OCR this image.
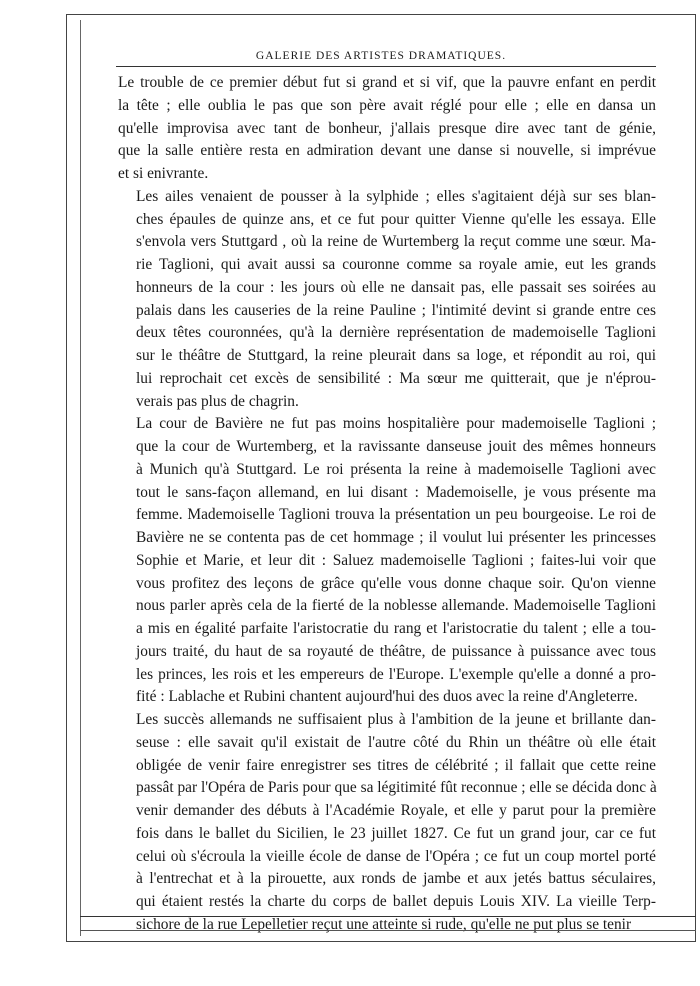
GALERIE DES ARTISTES DRAMATIQUES.

Le trouble de ce premier début fut si grand et si vif, que la pauvre enfant en perdit
la tête ; elle oublia le pas que son père avait réglé pour elle ; elle en dansa un
qu'elle improvisa avec tant de bonheur, j'allais presque dire avec tant de génie,
que la salle entière resta en admiration devant une danse si nouvelle, si imprévue
et si enivrante.

Les ailes venaient de pousser à la sylphide ; elles s'agitaient déjà sur ses blan-
ches épaules de quinze ans, et ce fut pour quitter Vienne qu'elle les essaya. Elle
s'envola vers Stuttgard , où la reine de Wurtemberg la reçut comme une sœur. Ma-
rie Taglioni, qui avait aussi sa couronne comme sa royale amie, eut les grands
honneurs de la cour : les jours où elle ne dansait pas, elle passait ses soirées au
palais dans les causeries de la reine Pauline ; l'intimité devint si grande entre ces
deux têtes couronnées, qu'à la dernière représentation de mademoiselle Taglioni
sur le théâtre de Stuttgard, la reine pleurait dans sa loge, et répondit au roi, qui
lui reprochait cet excès de sensibilité : Ma sœur me quitterait, que je n'éprou-
verais pas plus de chagrin.

La cour de Bavière ne fut pas moins hospitalière pour mademoiselle Taglioni ;
que la cour de Wurtemberg, et la ravissante danseuse jouit des mêmes honneurs
à Munich qu'à Stuttgard. Le roi présenta la reine à mademoiselle Taglioni avec
tout le sans-façon allemand, en lui disant : Mademoiselle, je vous présente ma
femme. Mademoiselle Taglioni trouva la présentation un peu bourgeoise. Le roi de
Bavière ne se contenta pas de cet hommage ; il voulut lui présenter les princesses
Sophie et Marie, et leur dit : Saluez mademoiselle Taglioni ; faites-lui voir que
vous profitez des leçons de grâce qu'elle vous donne chaque soir. Qu'on vienne
nous parler après cela de la fierté de la noblesse allemande. Mademoiselle Taglioni
a mis en égalité parfaite l'aristocratie du rang et l'aristocratie du talent ; elle a tou-
jours traité, du haut de sa royauté de théâtre, de puissance à puissance avec tous
les princes, les rois et les empereurs de l'Europe. L'exemple qu'elle a donné a pro-
fité : Lablache et Rubini chantent aujourd'hui des duos avec la reine d'Angleterre.

Les succès allemands ne suffisaient plus à l'ambition de la jeune et brillante dan-
seuse : elle savait qu'il existait de l'autre côté du Rhin un théâtre où elle était
obligée de venir faire enregistrer ses titres de célébrité ; il fallait que cette reine
passât par l'Opéra de Paris pour que sa légitimité fût reconnue ; elle se décida donc à
venir demander des débuts à l'Académie Royale, et elle y parut pour la première
fois dans le ballet du Sicilien, le 23 juillet 1827. Ce fut un grand jour, car ce fut
celui où s'écroula la vieille école de danse de l'Opéra ; ce fut un coup mortel porté
à l'entrechat et à la pirouette, aux ronds de jambe et aux jetés battus séculaires,
qui étaient restés la charte du corps de ballet depuis Louis XIV. La vieille Terp-
sichore de la rue Lepelletier reçut une atteinte si rude, qu'elle ne put plus se tenir
